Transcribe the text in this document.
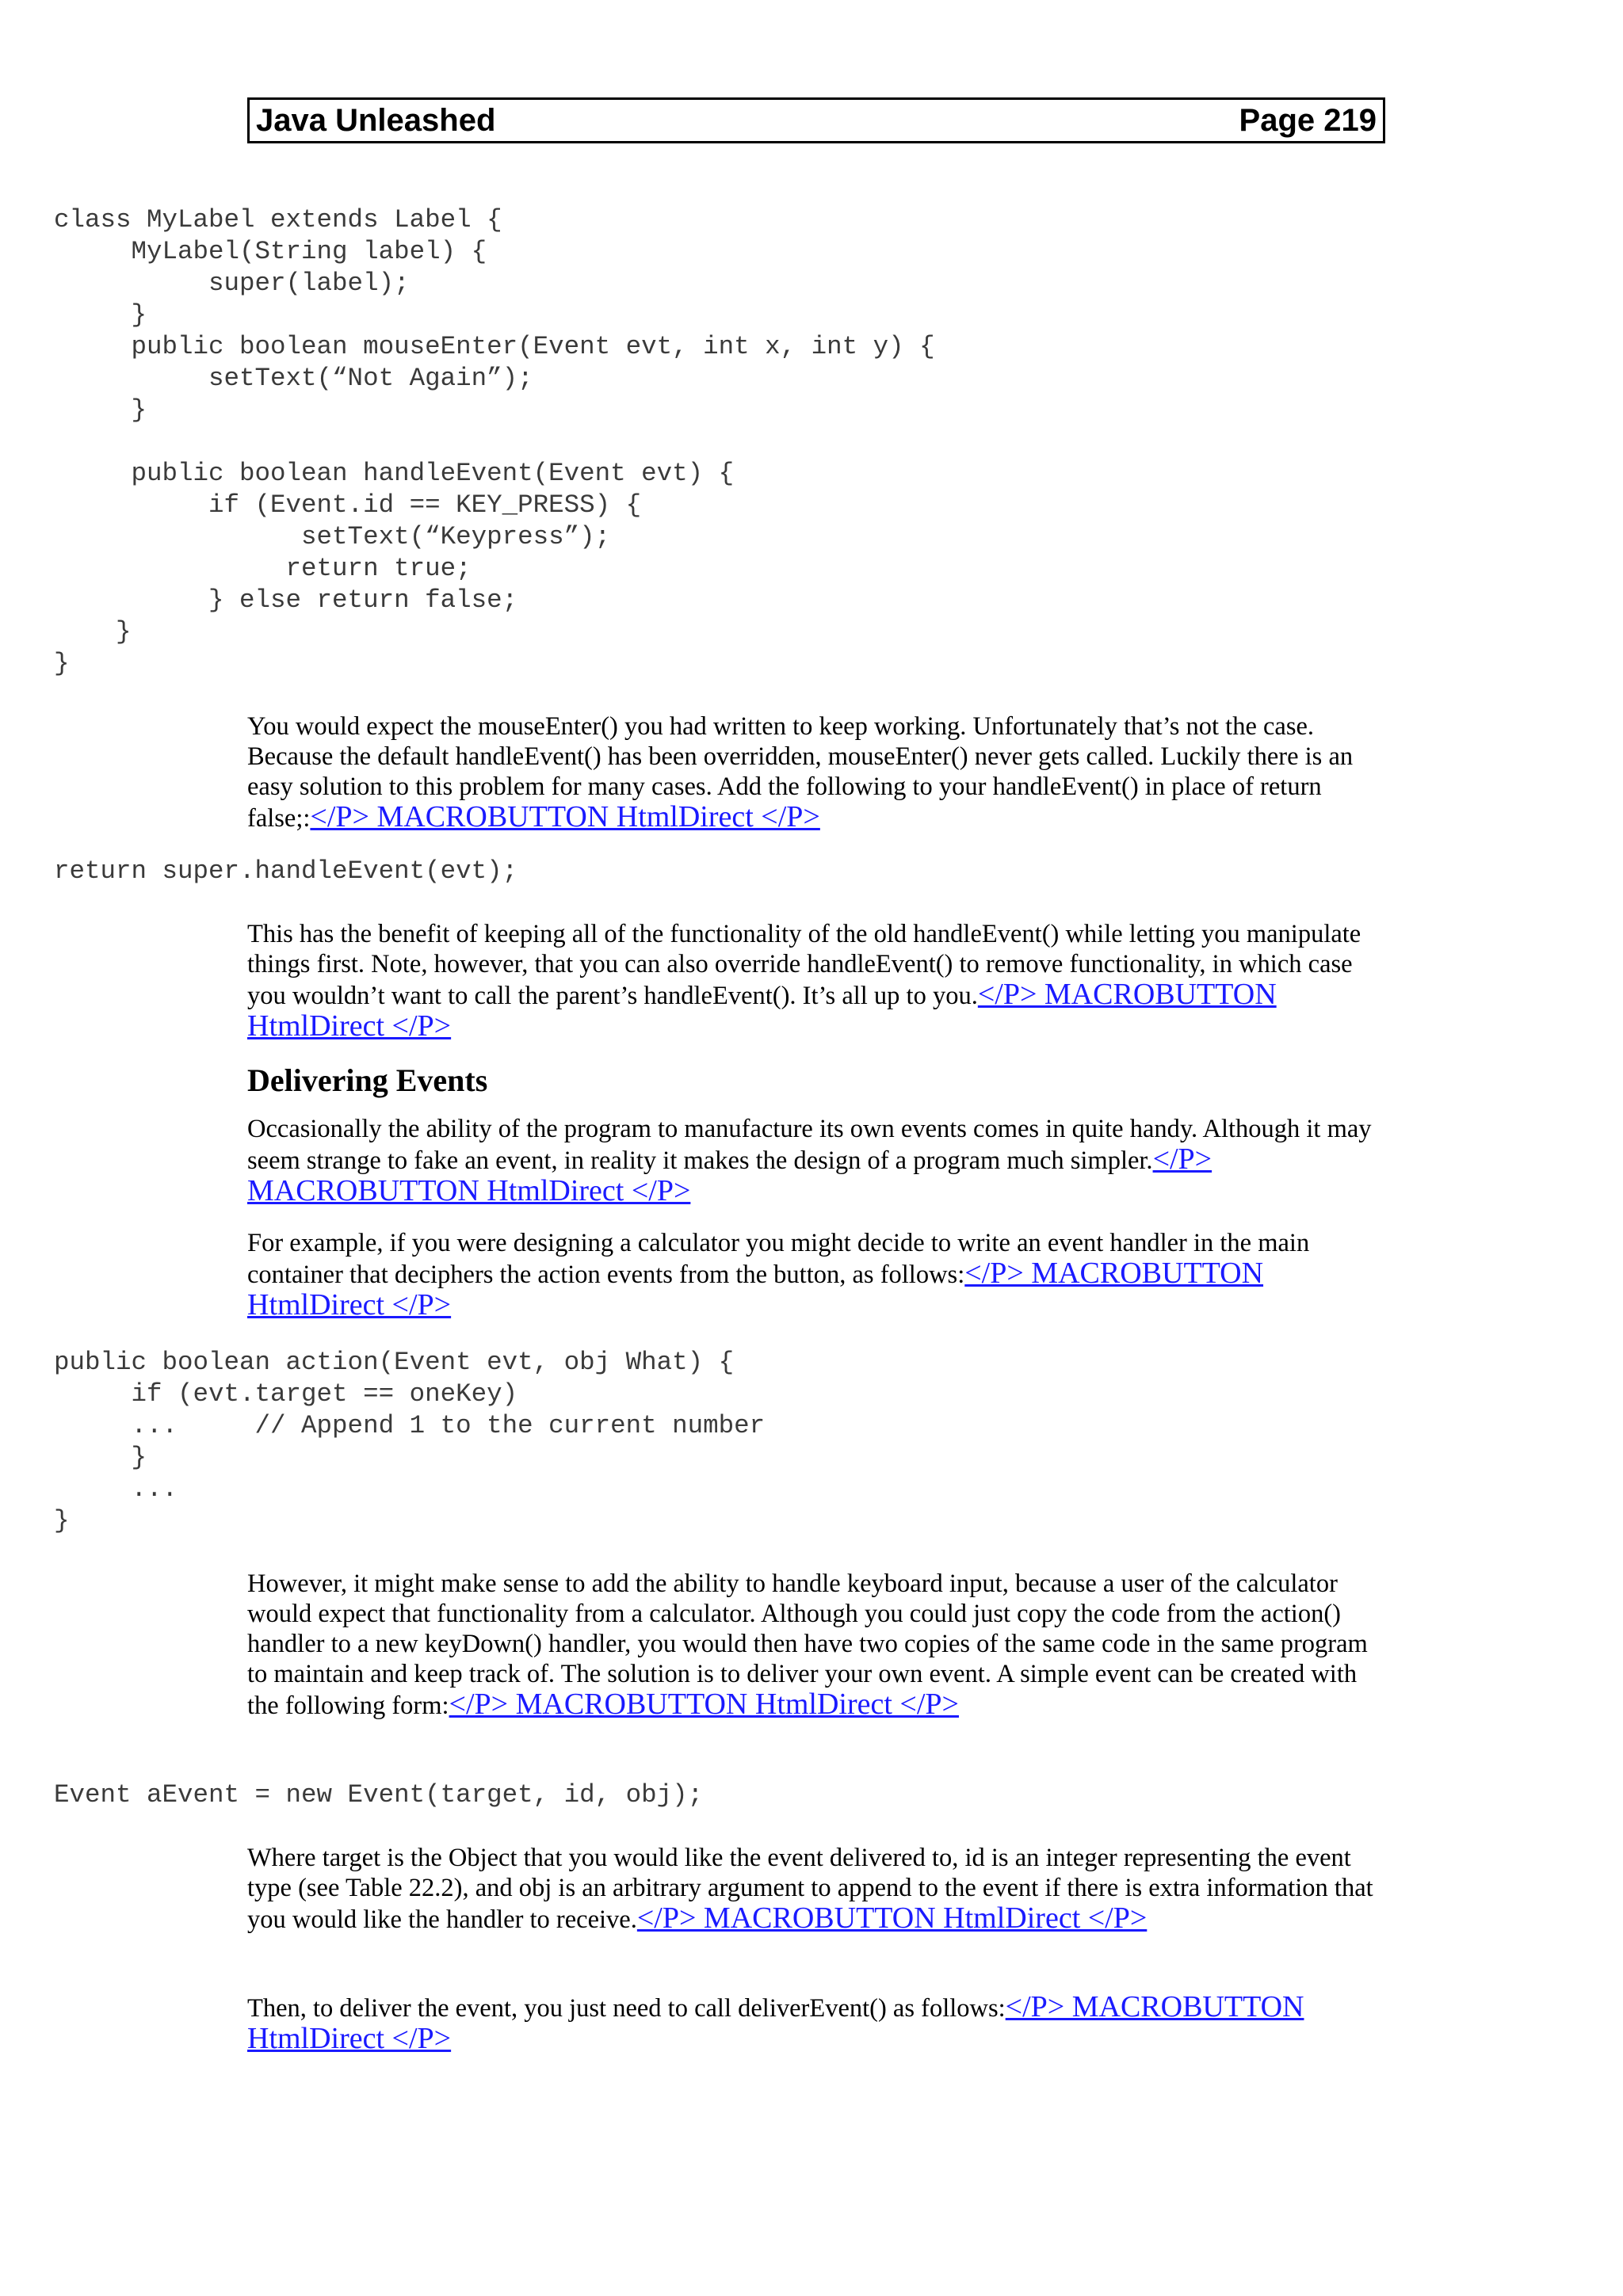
Java Unleashed	Page 219
class MyLabel extends Label {
MyLabel(String label) {
super(label);
}
public boolean mouseEnter(Event evt, int x, int y) {
setText(“Not Again”);
}

public boolean handleEvent(Event evt) {
if (Event.id == KEY_PRESS) {
setText(“Keypress”);
return true;
} else return false;
}
}

You would expect the mouseEnter() you had written to keep working. Unfortunately that’s not the case. Because the default handleEvent() has been overridden, mouseEnter() never gets called. Luckily there is an easy solution to this problem for many cases. Add the following to your handleEvent() in place of return false;:</P> MACROBUTTON HtmlDirect </P>

return super.handleEvent(evt);

This has the benefit of keeping all of the functionality of the old handleEvent() while letting you manipulate things first. Note, however, that you can also override handleEvent() to remove functionality, in which case you wouldn’t want to call the parent’s handleEvent(). It’s all up to you.</P> MACROBUTTON HtmlDirect </P>

Delivering Events

Occasionally the ability of the program to manufacture its own events comes in quite handy. Although it may seem strange to fake an event, in reality it makes the design of a program much simpler.</P> MACROBUTTON HtmlDirect </P>

For example, if you were designing a calculator you might decide to write an event handler in the main container that deciphers the action events from the button, as follows:</P> MACROBUTTON HtmlDirect </P>

public boolean action(Event evt, obj What) {
if (evt.target == oneKey)
...     // Append 1 to the current number
}
...
}

However, it might make sense to add the ability to handle keyboard input, because a user of the calculator would expect that functionality from a calculator. Although you could just copy the code from the action() handler to a new keyDown() handler, you would then have two copies of the same code in the same program to maintain and keep track of. The solution is to deliver your own event. A simple event can be created with the following form:</P> MACROBUTTON HtmlDirect </P>

Event aEvent = new Event(target, id, obj);

Where target is the Object that you would like the event delivered to, id is an integer representing the event type (see Table 22.2), and obj is an arbitrary argument to append to the event if there is extra information that you would like the handler to receive.</P> MACROBUTTON HtmlDirect </P>

Then, to deliver the event, you just need to call deliverEvent() as follows:</P> MACROBUTTON HtmlDirect </P>
